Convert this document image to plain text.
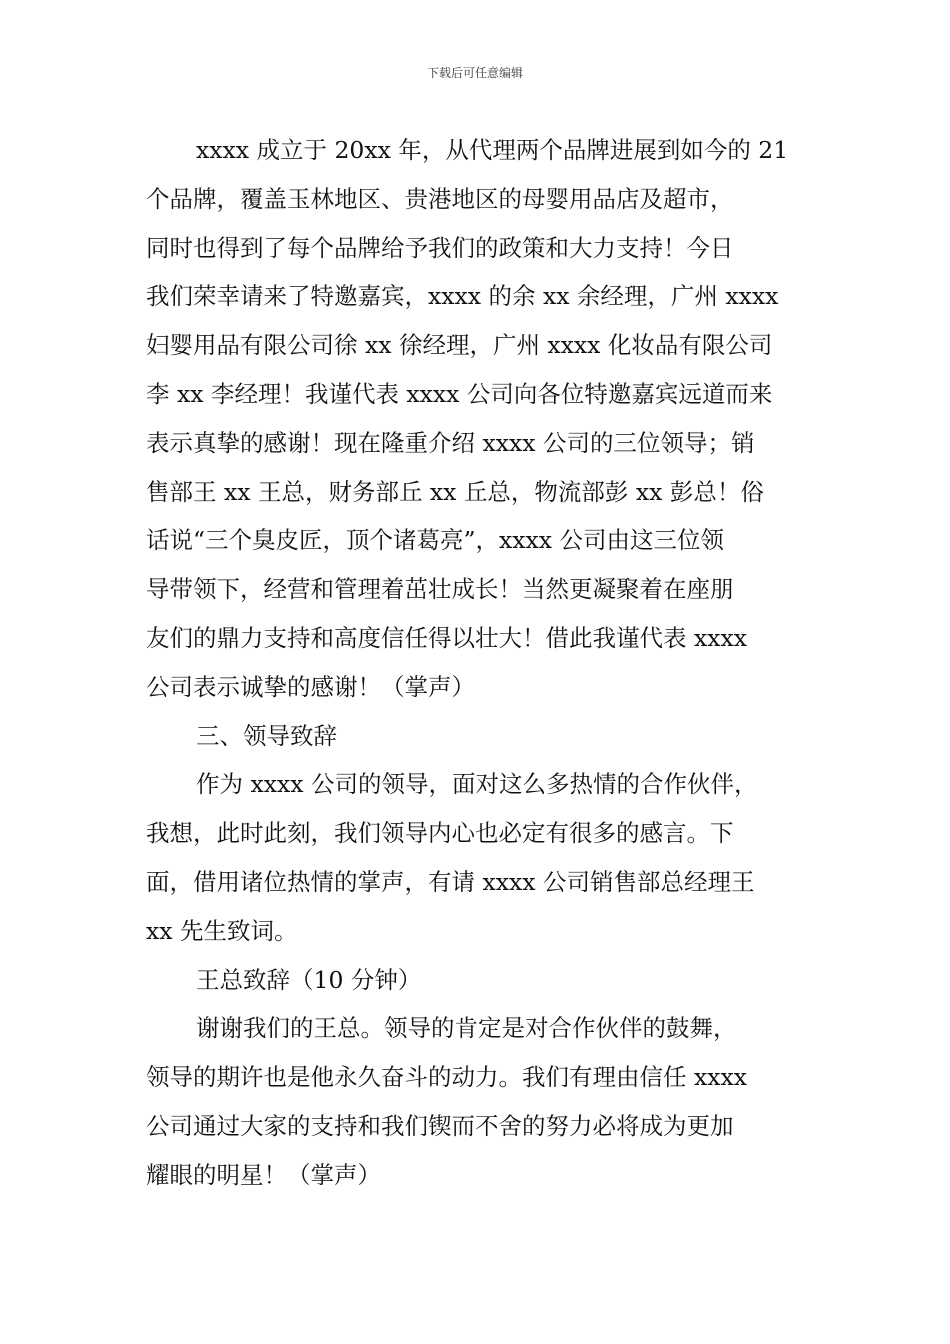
下载后可任意编辑
xxxx 成立于 20xx 年，从代理两个品牌进展到如今的 21
个品牌，覆盖玉林地区、贵港地区的母婴用品店及超市，
同时也得到了每个品牌给予我们的政策和大力支持！今日
我们荣幸请来了特邀嘉宾，xxxx 的余 xx 余经理，广州 xxxx
妇婴用品有限公司徐 xx 徐经理，广州 xxxx 化妆品有限公司
李 xx 李经理！我谨代表 xxxx 公司向各位特邀嘉宾远道而来
表示真挚的感谢！现在隆重介绍 xxxx 公司的三位领导；销
售部王 xx 王总，财务部丘 xx 丘总，物流部彭 xx 彭总！俗
话说“三个臭皮匠，顶个诸葛亮”，xxxx 公司由这三位领
导带领下，经营和管理着茁壮成长！当然更凝聚着在座朋
友们的鼎力支持和高度信任得以壮大！借此我谨代表 xxxx
公司表示诚挚的感谢！（掌声）
三、领导致辞
作为 xxxx 公司的领导，面对这么多热情的合作伙伴，
我想，此时此刻，我们领导内心也必定有很多的感言。下
面，借用诸位热情的掌声，有请 xxxx 公司销售部总经理王
xx 先生致词。
王总致辞（10 分钟）
谢谢我们的王总。领导的肯定是对合作伙伴的鼓舞，
领导的期许也是他永久奋斗的动力。我们有理由信任 xxxx
公司通过大家的支持和我们锲而不舍的努力必将成为更加
耀眼的明星！（掌声）
